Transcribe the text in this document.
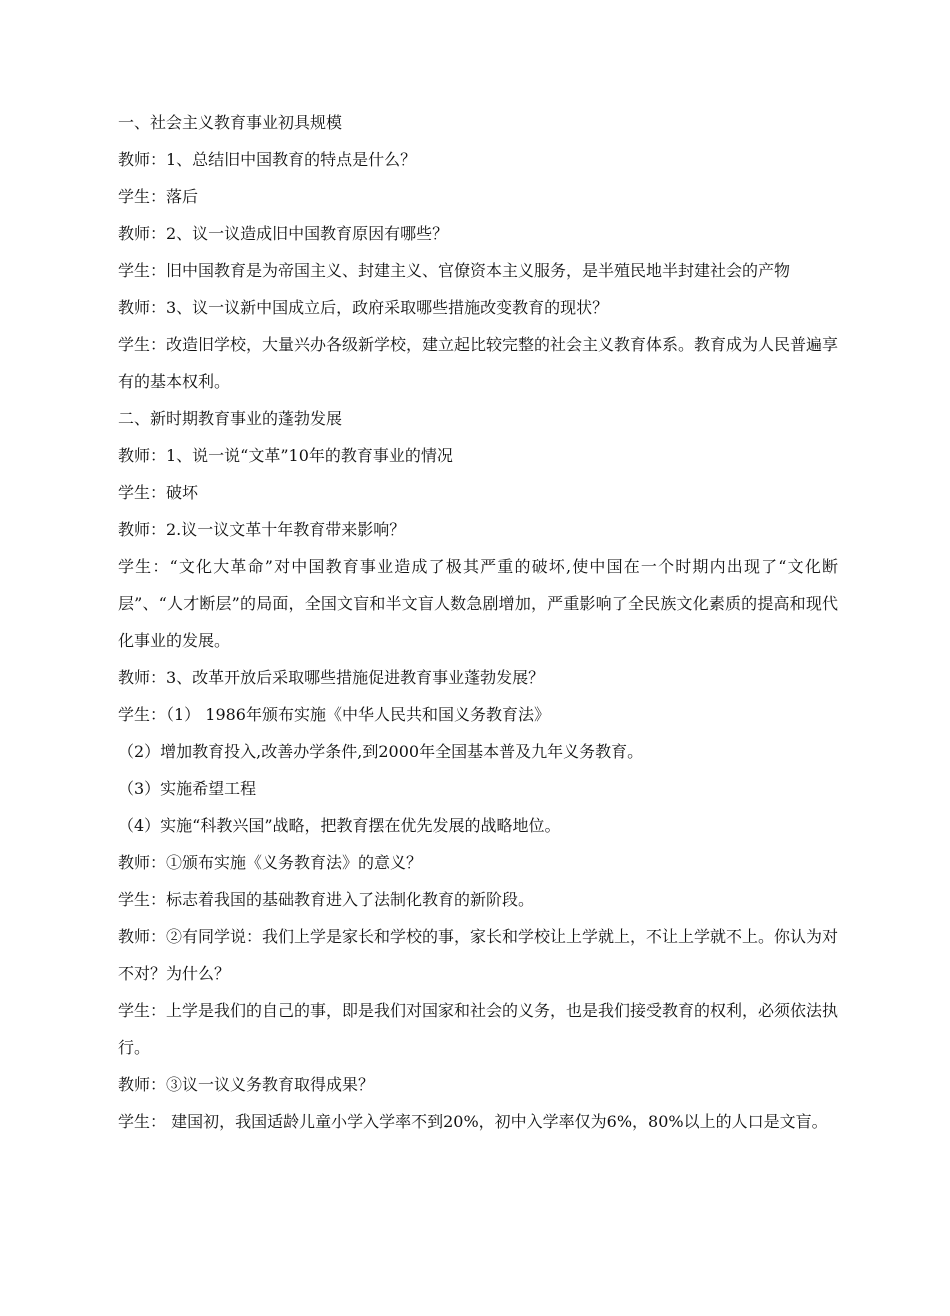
一、社会主义教育事业初具规模

教师：1、总结旧中国教育的特点是什么？

学生：落后

教师：2、议一议造成旧中国教育原因有哪些？

学生：旧中国教育是为帝国主义、封建主义、官僚资本主义服务，是半殖民地半封建社会的产物

教师：3、议一议新中国成立后，政府采取哪些措施改变教育的现状？

学生：改造旧学校，大量兴办各级新学校，建立起比较完整的社会主义教育体系。教育成为人民普遍享有的基本权利。

二、新时期教育事业的蓬勃发展

教师：1、说一说“文革”10年的教育事业的情况

学生：破坏

教师：2.议一议文革十年教育带来影响？

学生：“文化大革命”对中国教育事业造成了极其严重的破坏,使中国在一个时期内出现了“文化断层”、“人才断层”的局面，全国文盲和半文盲人数急剧增加，严重影响了全民族文化素质的提高和现代化事业的发展。

教师：3、改革开放后采取哪些措施促进教育事业蓬勃发展？

学生：（1） 1986年颁布实施《中华人民共和国义务教育法》

（2）增加教育投入,改善办学条件,到2000年全国基本普及九年义务教育。

（3）实施希望工程

（4）实施“科教兴国”战略，把教育摆在优先发展的战略地位。

教师：①颁布实施《义务教育法》的意义？

学生：标志着我国的基础教育进入了法制化教育的新阶段。

教师：②有同学说：我们上学是家长和学校的事，家长和学校让上学就上，不让上学就不上。你认为对不对？为什么？

学生：上学是我们的自己的事，即是我们对国家和社会的义务，也是我们接受教育的权利，必须依法执行。

教师：③议一议义务教育取得成果？

学生： 建国初，我国适龄儿童小学入学率不到20%，初中入学率仅为6%，80%以上的人口是文盲。
